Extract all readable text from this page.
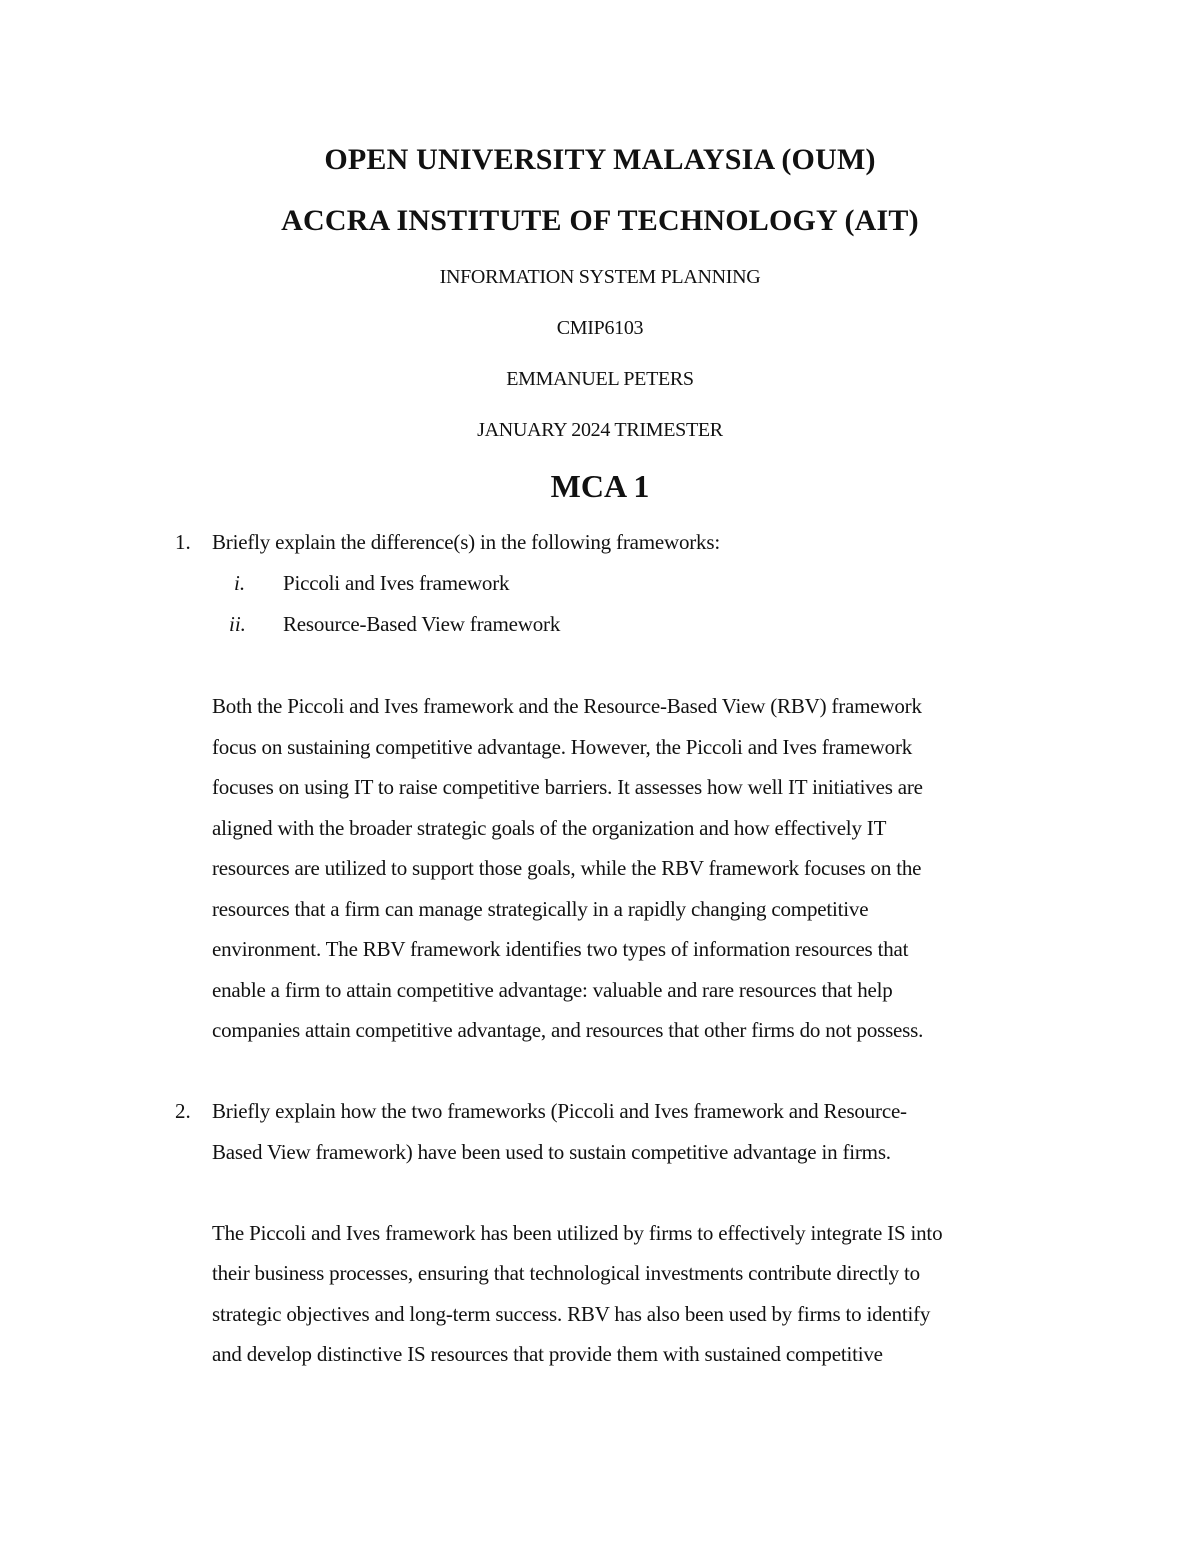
OPEN UNIVERSITY MALAYSIA (OUM)
ACCRA INSTITUTE OF TECHNOLOGY (AIT)
INFORMATION SYSTEM PLANNING
CMIP6103
EMMANUEL PETERS
JANUARY 2024 TRIMESTER
MCA 1
1. Briefly explain the difference(s) in the following frameworks:
i. Piccoli and Ives framework
ii. Resource-Based View framework
Both the Piccoli and Ives framework and the Resource-Based View (RBV) framework
focus on sustaining competitive advantage. However, the Piccoli and Ives framework
focuses on using IT to raise competitive barriers. It assesses how well IT initiatives are
aligned with the broader strategic goals of the organization and how effectively IT
resources are utilized to support those goals, while the RBV framework focuses on the
resources that a firm can manage strategically in a rapidly changing competitive
environment. The RBV framework identifies two types of information resources that
enable a firm to attain competitive advantage: valuable and rare resources that help
companies attain competitive advantage, and resources that other firms do not possess.
2. Briefly explain how the two frameworks (Piccoli and Ives framework and Resource-
Based View framework) have been used to sustain competitive advantage in firms.
The Piccoli and Ives framework has been utilized by firms to effectively integrate IS into
their business processes, ensuring that technological investments contribute directly to
strategic objectives and long-term success. RBV has also been used by firms to identify
and develop distinctive IS resources that provide them with sustained competitive
